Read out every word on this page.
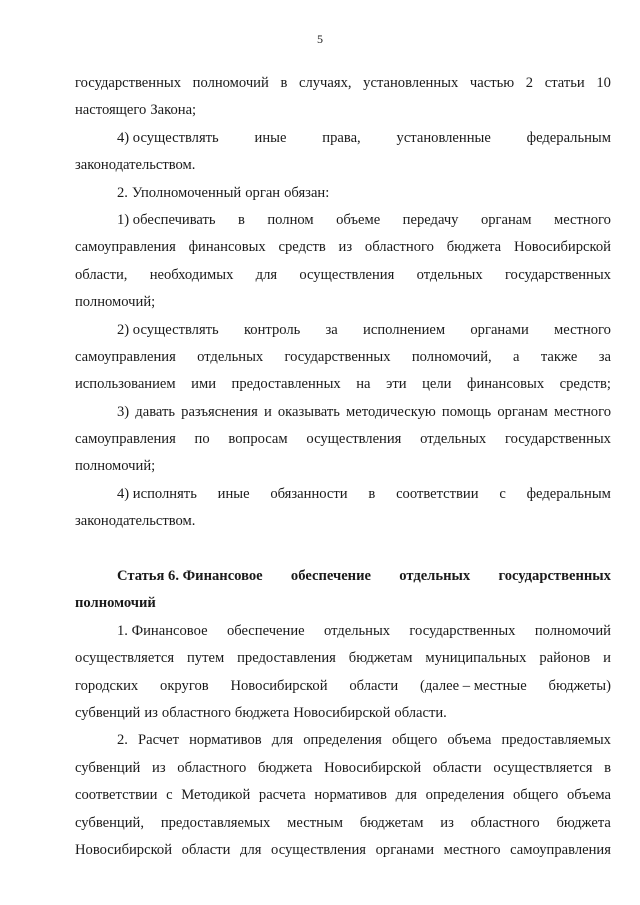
5
государственных полномочий в случаях, установленных частью 2 статьи 10
настоящего Закона;
4) осуществлять иные права, установленные федеральным
законодательством.
2. Уполномоченный орган обязан:
1) обеспечивать в полном объеме передачу органам местного
самоуправления финансовых средств из областного бюджета Новосибирской
области, необходимых для осуществления отдельных государственных
полномочий;
2) осуществлять контроль за исполнением органами местного
самоуправления отдельных государственных полномочий, а также за
использованием ими предоставленных на эти цели финансовых средств;
3) давать разъяснения и оказывать методическую помощь органам местного
самоуправления по вопросам осуществления отдельных государственных
полномочий;
4) исполнять иные обязанности в соответствии с федеральным
законодательством.
Статья 6. Финансовое обеспечение отдельных государственных
полномочий
1. Финансовое обеспечение отдельных государственных полномочий
осуществляется путем предоставления бюджетам муниципальных районов и
городских округов Новосибирской области (далее – местные бюджеты)
субвенций из областного бюджета Новосибирской области.
2. Расчет нормативов для определения общего объема предоставляемых
субвенций из областного бюджета Новосибирской области осуществляется в
соответствии с Методикой расчета нормативов для определения общего объема
субвенций, предоставляемых местным бюджетам из областного бюджета
Новосибирской области для осуществления органами местного самоуправления
